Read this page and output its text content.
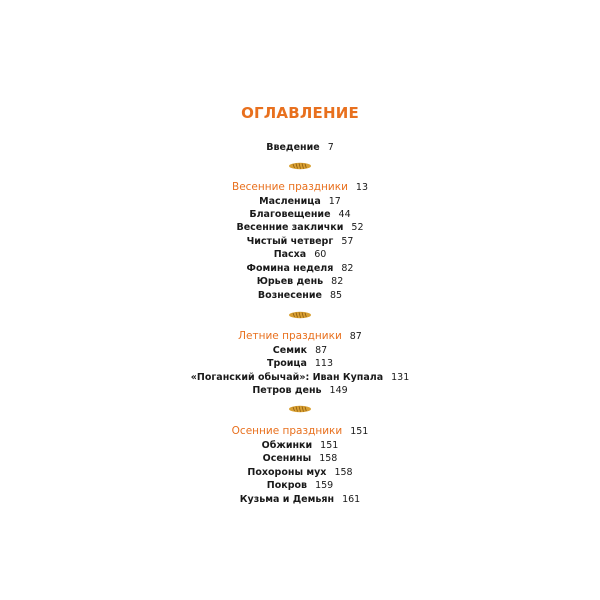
ОГЛАВЛЕНИЕ
Введение 7
Весенние праздники 13
Масленица 17
Благовещение 44
Весенние заклички 52
Чистый четверг 57
Пасха 60
Фомина неделя 82
Юрьев день 82
Вознесение 85
Летние праздники 87
Семик 87
Троица 113
«Поганский обычай»: Иван Купала 131
Петров день 149
Осенние праздники 151
Обжинки 151
Осенины 158
Похороны мух 158
Покров 159
Кузьма и Демьян 161
